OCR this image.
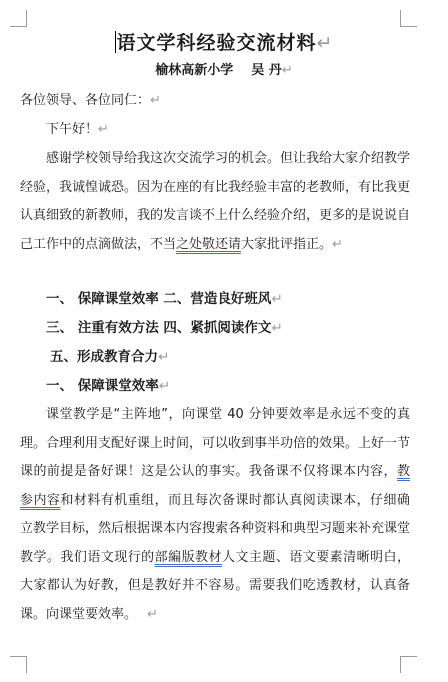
语文学科经验交流材料↵
榆林高新小学 吴 丹↵
各位领导、各位同仁：↵
下午好！↵

感谢学校领导给我这次交流学习的机会。但让我给大家介绍教学经验，我诚惶诚恐。因为在座的有比我经验丰富的老教师，有比我更认真细致的新教师，我的发言谈不上什么经验介绍，更多的是说说自己工作中的点滴做法，不当之处敬还请大家批评指正。↵

一、 保障课堂效率 二、营造良好班风↵
三、 注重有效方法 四、紧抓阅读作文↵
五、形成教育合力↵
一、 保障课堂效率↵

课堂教学是“主阵地”，向课堂 40 分钟要效率是永远不变的真理。合理利用支配好课上时间，可以收到事半功倍的效果。上好一节课的前提是备好课！这是公认的事实。我备课不仅将课本内容，教参内容和材料有机重组，而且每次备课时都认真阅读课本，仔细确立教学目标，然后根据课本内容搜索各种资料和典型习题来补充课堂教学。我们语文现行的部編版教材人文主题、语文要素清晰明白，大家都认为好教，但是教好并不容易。需要我们吃透教材，认真备课。向课堂要效率。 ↵
